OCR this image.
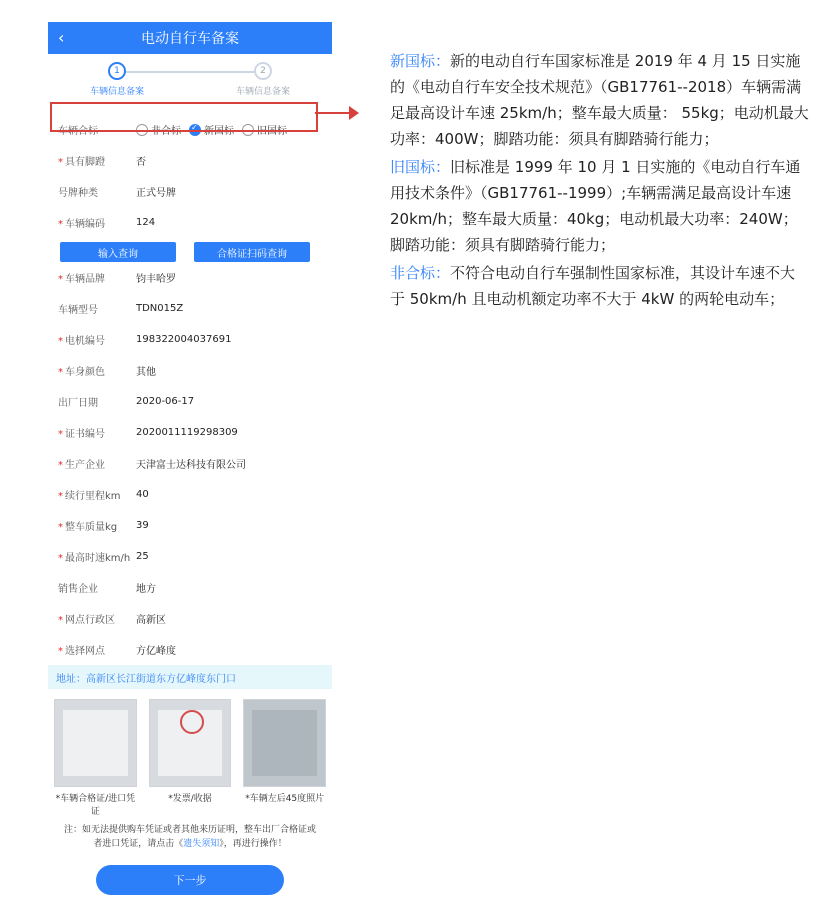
‹	电动自行车备案
1
车辆信息备案
2
车辆信息备案
车辆合标	非合标 ✓ 新国标 旧国标
* 具有脚蹬	否
号牌种类	正式号牌
* 车辆编码	124
输入查询	合格证扫码查询
* 车辆品牌	钧丰哈罗
车辆型号	TDN015Z
* 电机编号	198322004037691
* 车身颜色	其他
出厂日期	2020-06-17
* 证书编号	2020011119298309
* 生产企业	天津富士达科技有限公司
* 续行里程km	40
* 整车质量kg	39
* 最高时速km/h 25
销售企业	地方
* 网点行政区	高新区
* 选择网点	方亿峰度
地址： 高新区长江街道东方亿峰度东门口
*车辆合格证/进口凭证
*发票/收据	*车辆左后45度照片
注：如无法提供购车凭证或者其他来历证明，整车出厂合格证或者进口凭证，请点击《遗失须知》，再进行操作！
下一步

新国标：新的电动自行车国家标准是 2019 年 4 月 15 日实施的《电动自行车安全技术规范》（GB17761--2018）车辆需满足最高设计车速 25km/h；整车最大质量： 55kg；电动机最大功率：400W；脚踏功能：须具有脚踏骑行能力；

旧国标：旧标准是 1999 年 10 月 1 日实施的《电动自行车通用技术条件》（GB17761--1999）;车辆需满足最高设计车速 20km/h；整车最大质量：40kg；电动机最大功率：240W；脚踏功能：须具有脚踏骑行能力；

非合标：不符合电动自行车强制性国家标准，其设计车速不大于 50km/h 且电动机额定功率不大于 4kW 的两轮电动车；
